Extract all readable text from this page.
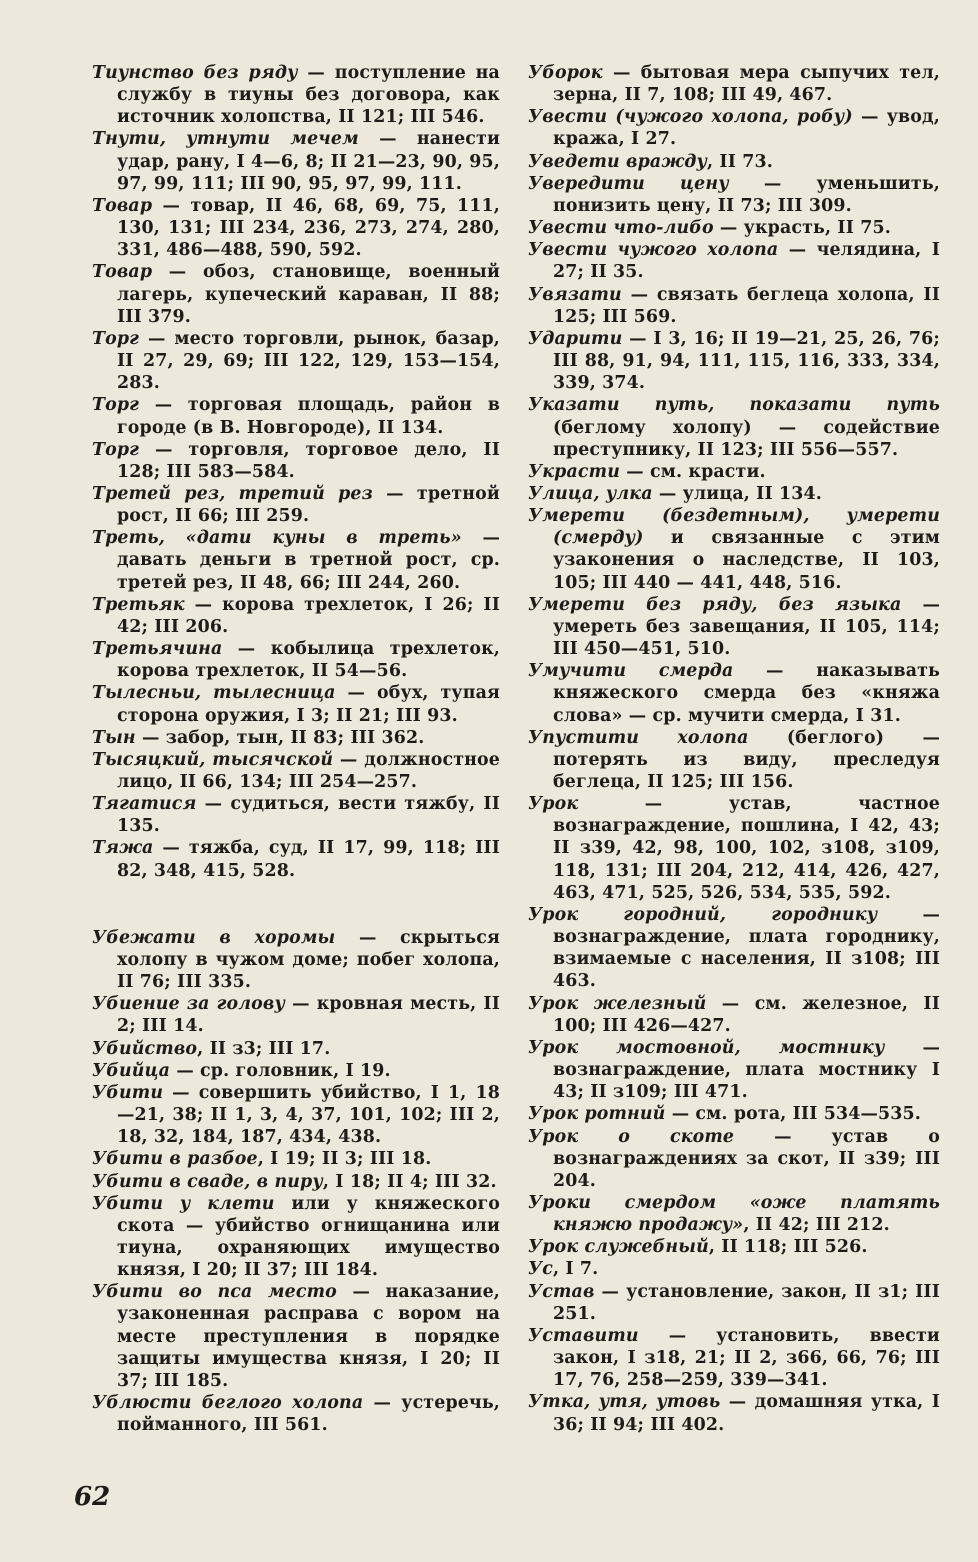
Тиунство без ряду — поступление на службу в тиуны без договора, как источник холопства, II 121; III 546.

Тнути, утнути мечем — нанести удар, рану, I 4—6, 8; II 21—23, 90, 95, 97, 99, 111; III 90, 95, 97, 99, 111.

Товар — товар, II 46, 68, 69, 75, 111, 130, 131; III 234, 236, 273, 274, 280, 331, 486—488, 590, 592.

Товар — обоз, становище, военный лагерь, купеческий караван, II 88; III 379.

Торг — место торговли, рынок, базар, II 27, 29, 69; III 122, 129, 153—154, 283.

Торг — торговая площадь, район в городе (в В. Новгороде), II 134.

Торг — торговля, торговое дело, II 128; III 583—584.

Третей рез, третий рез — третной рост, II 66; III 259.

Треть, «дати куны в треть» — давать деньги в третной рост, ср. третей рез, II 48, 66; III 244, 260.

Третьяк — корова трехлеток, I 26; II 42; III 206.

Третьячина — кобылица трехлеток, корова трехлеток, II 54—56.

Тылесньи, тылесница — обух, тупая сторона оружия, I 3; II 21; III 93.

Тын — забор, тын, II 83; III 362.

Тысяцкий, тысячской — должностное лицо, II 66, 134; III 254—257.

Тягатися — судиться, вести тяжбу, II 135.

Тяжа — тяжба, суд, II 17, 99, 118; III 82, 348, 415, 528.

Убежати в хоромы — скрыться холопу в чужом доме; побег холопа, II 76; III 335.

Убиение за голову — кровная месть, II 2; III 14.

Убийство, II з3; III 17.

Убийца — ср. головник, I 19.

Убити — совершить убийство, I 1, 18—21, 38; II 1, 3, 4, 37, 101, 102; III 2, 18, 32, 184, 187, 434, 438.

Убити в разбое, I 19; II 3; III 18.

Убити в сваде, в пиру, I 18; II 4; III 32.

Убити у клети или у княжеского скота — убийство огнищанина или тиуна, охраняющих имущество князя, I 20; II 37; III 184.

Убити во пса место — наказание, узаконенная расправа с вором на месте преступления в порядке защиты имущества князя, I 20; II 37; III 185.

Ублюсти беглого холопа — устеречь, пойманного, III 561.

Уборок — бытовая мера сыпучих тел, зерна, II 7, 108; III 49, 467.

Увести (чужого холопа, робу) — увод, кража, I 27.

Уведети вражду, II 73.

Увередити цену — уменьшить, понизить цену, II 73; III 309.

Увести что-либо — украсть, II 75.

Увести чужого холопа — челядина, I 27; II 35.

Увязати — связать беглеца холопа, II 125; III 569.

Ударити — I 3, 16; II 19—21, 25, 26, 76; III 88, 91, 94, 111, 115, 116, 333, 334, 339, 374.

Указати путь, показати путь (беглому холопу) — содействие преступнику, II 123; III 556—557.

Украсти — см. красти.

Улица, улка — улица, II 134.

Умерети (бездетным), умерети (смерду) и связанные с этим узаконения о наследстве, II 103, 105; III 440 — 441, 448, 516.

Умерети без ряду, без языка — умереть без завещания, II 105, 114; III 450—451, 510.

Умучити смерда — наказывать княжеского смерда без «княжа слова» — ср. мучити смерда, I 31.

Упустити холопа (беглого) — потерять из виду, преследуя беглеца, II 125; III 156.

Урок — устав, частное вознаграждение, пошлина, I 42, 43; II з39, 42, 98, 100, 102, з108, з109, 118, 131; III 204, 212, 414, 426, 427, 463, 471, 525, 526, 534, 535, 592.

Урок городний, городнику — вознаграждение, плата городнику, взимаемые с населения, II з108; III 463.

Урок железный — см. железное, II 100; III 426—427.

Урок мостовной, мостнику — вознаграждение, плата мостнику I 43; II з109; III 471.

Урок ротний — см. рота, III 534—535.

Урок о скоте — устав о вознаграждениях за скот, II з39; III 204.

Уроки смердом «оже платять княжю продажу», II 42; III 212.

Урок служебный, II 118; III 526.

Ус, I 7.

Устав — установление, закон, II з1; III 251.

Уставити — установить, ввести закон, I з18, 21; II 2, з66, 66, 76; III 17, 76, 258—259, 339—341.

Утка, утя, утовь — домашняя утка, I 36; II 94; III 402.

62
